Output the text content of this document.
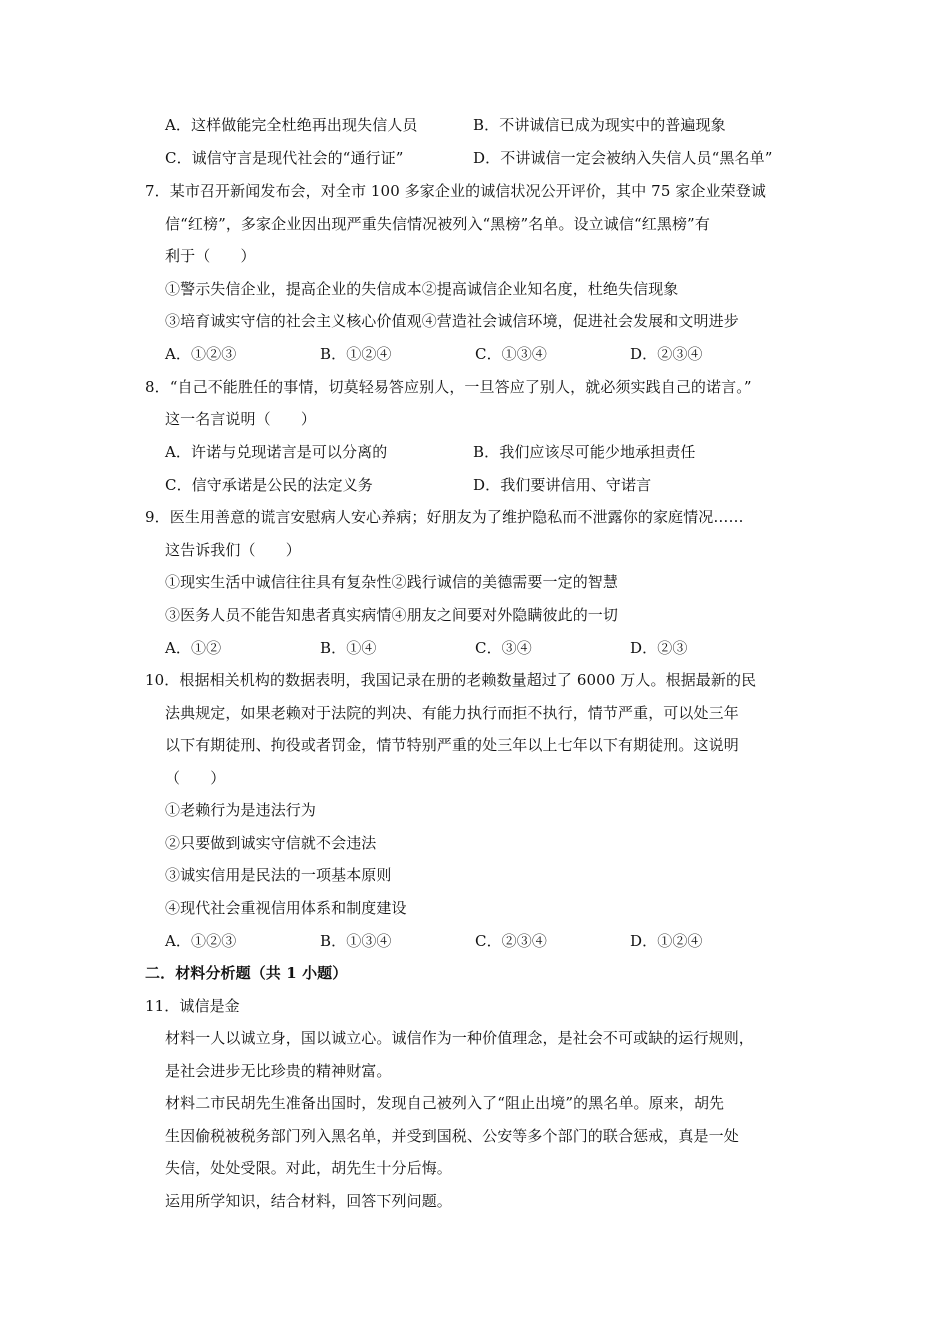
A．这样做能完全杜绝再出现失信人员	B．不讲诚信已成为现实中的普遍现象
C．诚信守言是现代社会的“通行证”	D．不讲诚信一定会被纳入失信人员“黑名单”
7．某市召开新闻发布会，对全市 100 多家企业的诚信状况公开评价，其中 75 家企业荣登诚
信“红榜”，多家企业因出现严重失信情况被列入“黑榜”名单。设立诚信“红黑榜”有
利于（　　）
①警示失信企业，提高企业的失信成本②提高诚信企业知名度，杜绝失信现象
③培育诚实守信的社会主义核心价值观④营造社会诚信环境，促进社会发展和文明进步
A．①②③	B．①②④	C．①③④	D．②③④
8．“自己不能胜任的事情，切莫轻易答应别人，一旦答应了别人，就必须实践自己的诺言。”
这一名言说明（　　）
A．许诺与兑现诺言是可以分离的	B．我们应该尽可能少地承担责任
C．信守承诺是公民的法定义务	D．我们要讲信用、守诺言
9．医生用善意的谎言安慰病人安心养病；好朋友为了维护隐私而不泄露你的家庭情况……
这告诉我们（　　）
①现实生活中诚信往往具有复杂性②践行诚信的美德需要一定的智慧
③医务人员不能告知患者真实病情④朋友之间要对外隐瞒彼此的一切
A．①②	B．①④	C．③④	D．②③
10．根据相关机构的数据表明，我国记录在册的老赖数量超过了 6000 万人。根据最新的民
法典规定，如果老赖对于法院的判决、有能力执行而拒不执行，情节严重，可以处三年
以下有期徒刑、拘役或者罚金，情节特别严重的处三年以上七年以下有期徒刑。这说明
（　　）
①老赖行为是违法行为
②只要做到诚实守信就不会违法
③诚实信用是民法的一项基本原则
④现代社会重视信用体系和制度建设
A．①②③	B．①③④	C．②③④	D．①②④
二．材料分析题（共 1 小题）
11．诚信是金
材料一人以诚立身，国以诚立心。诚信作为一种价值理念，是社会不可或缺的运行规则，
是社会进步无比珍贵的精神财富。
材料二市民胡先生准备出国时，发现自己被列入了“阻止出境”的黑名单。原来，胡先
生因偷税被税务部门列入黑名单，并受到国税、公安等多个部门的联合惩戒，真是一处
失信，处处受限。对此，胡先生十分后悔。
运用所学知识，结合材料，回答下列问题。
